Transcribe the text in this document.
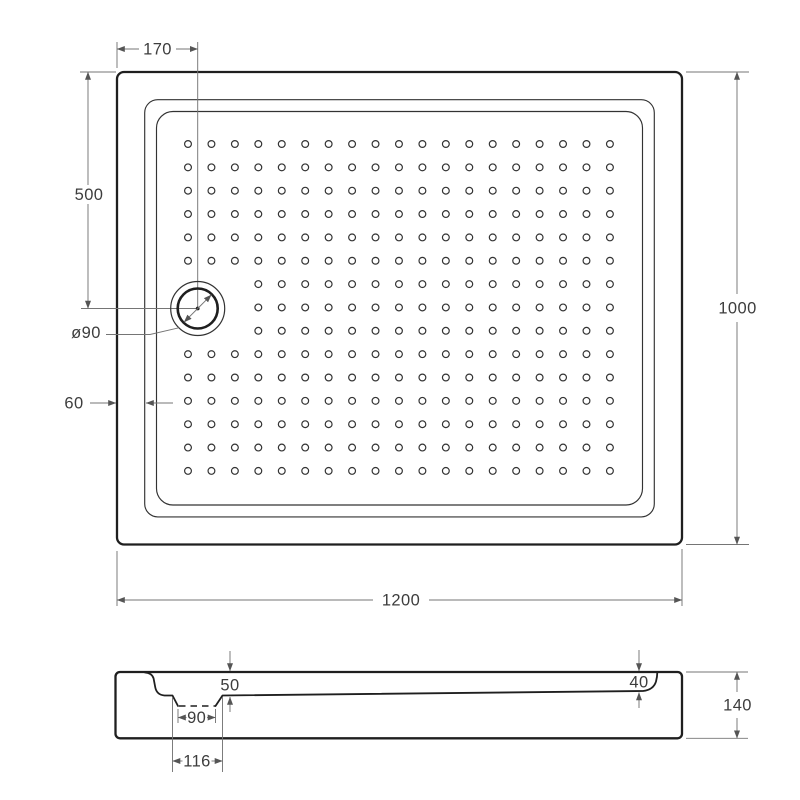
170
500
ø90
60
1200
1000
50	40
90
116
140
